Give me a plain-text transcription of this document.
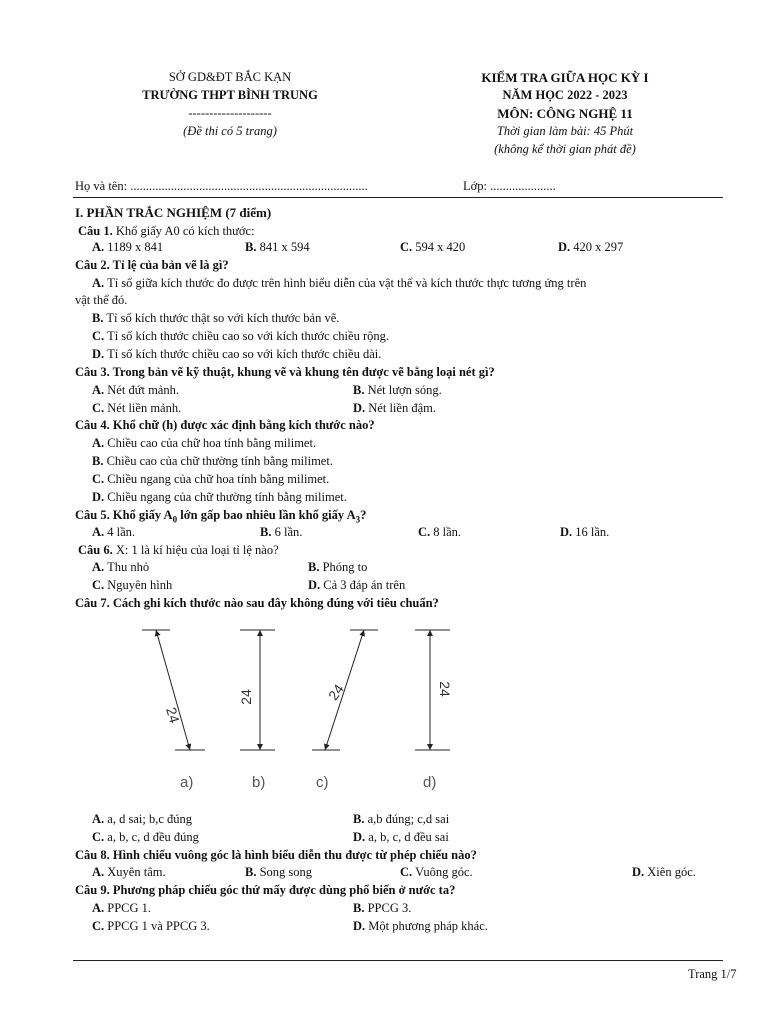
SỞ GD&ĐT BẮC KẠN
TRƯỜNG THPT BÌNH TRUNG
--------------------
(Đề thi có 5 trang)
KIỂM TRA GIỮA HỌC KỲ I
NĂM HỌC 2022 - 2023
MÔN: CÔNG NGHỆ 11
Thời gian làm bài: 45 Phút
(không kể thời gian phát đề)
Họ và tên: ............................................................................	Lớp: .....................
I. PHẦN TRẮC NGHIỆM (7 điểm)
Câu 1. Khổ giấy A0 có kích thước:
A. 1189 x 841	B. 841 x 594	C. 594 x 420	D. 420 x 297
Câu 2. Tỉ lệ của bản vẽ là gì?
A. Tỉ số giữa kích thước đo được trên hình biểu diễn của vật thể và kích thước thực tương ứng trên
vật thể đó.
B. Tỉ số kích thước thật so với kích thước bản vẽ.
C. Tỉ số kích thước chiều cao so với kích thước chiều rộng.
D. Tỉ số kích thước chiều cao so với kích thước chiều dài.
Câu 3. Trong bản vẽ kỹ thuật, khung vẽ và khung tên được vẽ bằng loại nét gì?
A. Nét đứt mảnh.	B. Nét lượn sóng.
C. Nét liền mảnh.	D. Nét liền đậm.
Câu 4. Khổ chữ (h) được xác định bằng kích thước nào?
A. Chiều cao của chữ hoa tính bằng milimet.
B. Chiều cao của chữ thường tính bằng milimet.
C. Chiều ngang của chữ hoa tính bằng milimet.
D. Chiều ngang của chữ thường tính bằng milimet.
Câu 5. Khổ giấy $A_0$ lớn gấp bao nhiêu lần khổ giấy $A_3$?
A. 4 lần.	B. 6 lần.	C. 8 lần.	D. 16 lần.
Câu 6. X: 1 là kí hiệu của loại tỉ lệ nào?
A. Thu nhỏ	B. Phóng to
C. Nguyên hình	D. Cả 3 đáp án trên
Câu 7. Cách ghi kích thước nào sau đây không đúng với tiêu chuẩn?
24
a)
24
b)
24
c)
24
d)
A. a, d sai; b,c đúng	B. a,b đúng; c,d sai
C. a, b, c, d đều đúng	D. a, b, c, d đều sai
Câu 8. Hình chiếu vuông góc là hình biểu diễn thu được từ phép chiếu nào?
A. Xuyên tâm.	B. Song song	C. Vuông góc.	D. Xiên góc.
Câu 9. Phương pháp chiếu góc thứ mấy được dùng phổ biến ở nước ta?
A. PPCG 1.	B. PPCG 3.
C. PPCG 1 và PPCG 3.	D. Một phương pháp khác.
Trang 1/7
